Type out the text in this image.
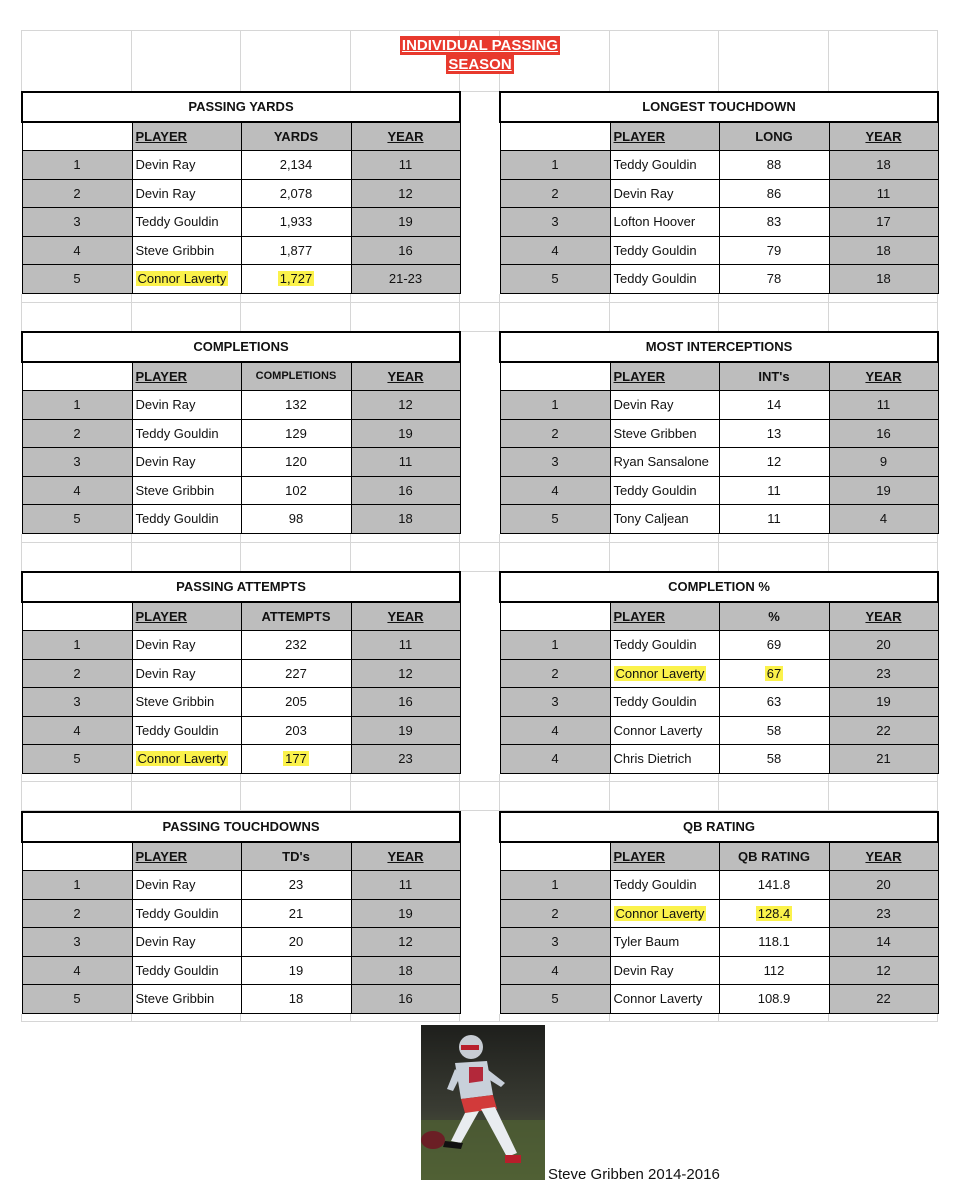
INDIVIDUAL PASSING
SEASON
PASSING YARDS			
	PLAYER	YARDS	YEAR
1	Devin Ray	2,134	11
2	Devin Ray	2,078	12
3	Teddy Gouldin	1,933	19
4	Steve Gribbin	1,877	16
5	Connor Laverty	1,727	21-23
LONGEST TOUCHDOWN			
	PLAYER	LONG	YEAR
1	Teddy Gouldin	88	18
2	Devin Ray	86	11
3	Lofton Hoover	83	17
4	Teddy Gouldin	79	18
5	Teddy Gouldin	78	18
COMPLETIONS			
	PLAYER	COMPLETIONS	YEAR
1	Devin Ray	132	12
2	Teddy Gouldin	129	19
3	Devin Ray	120	11
4	Steve Gribbin	102	16
5	Teddy Gouldin	98	18
MOST INTERCEPTIONS			
	PLAYER	INT's	YEAR
1	Devin Ray	14	11
2	Steve Gribben	13	16
3	Ryan Sansalone	12	9
4	Teddy Gouldin	11	19
5	Tony Caljean	11	4
PASSING ATTEMPTS			
	PLAYER	ATTEMPTS	YEAR
1	Devin Ray	232	11
2	Devin Ray	227	12
3	Steve Gribbin	205	16
4	Teddy Gouldin	203	19
5	Connor Laverty	177	23
COMPLETION %			
	PLAYER	%	YEAR
1	Teddy Gouldin	69	20
2	Connor Laverty	67	23
3	Teddy Gouldin	63	19
4	Connor Laverty	58	22
4	Chris Dietrich	58	21
PASSING TOUCHDOWNS			
	PLAYER	TD's	YEAR
1	Devin Ray	23	11
2	Teddy Gouldin	21	19
3	Devin Ray	20	12
4	Teddy Gouldin	19	18
5	Steve Gribbin	18	16
QB RATING			
	PLAYER	QB RATING	YEAR
1	Teddy Gouldin	141.8	20
2	Connor Laverty	128.4	23
3	Tyler Baum	118.1	14
4	Devin Ray	112	12
5	Connor Laverty	108.9	22
Steve Gribben 2014-2016
